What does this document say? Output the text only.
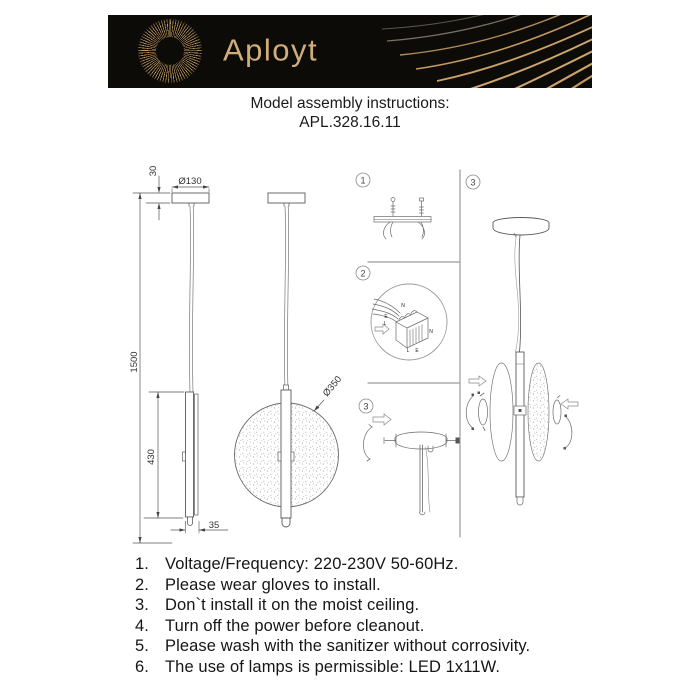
Aployt
Model assembly instructions:
APL.328.16.11
30
Ø130
1500
430
35
Ø350
1
2
3
3
N
E
L
N
L E
1. Voltage/Frequency: 220-230V 50-60Hz.
2. Please wear gloves to install.
3. Don`t install it on the moist ceiling.
4. Turn off the power before cleanout.
5. Please wash with the sanitizer without corrosivity.
6. The use of lamps is permissible: LED 1x11W.
